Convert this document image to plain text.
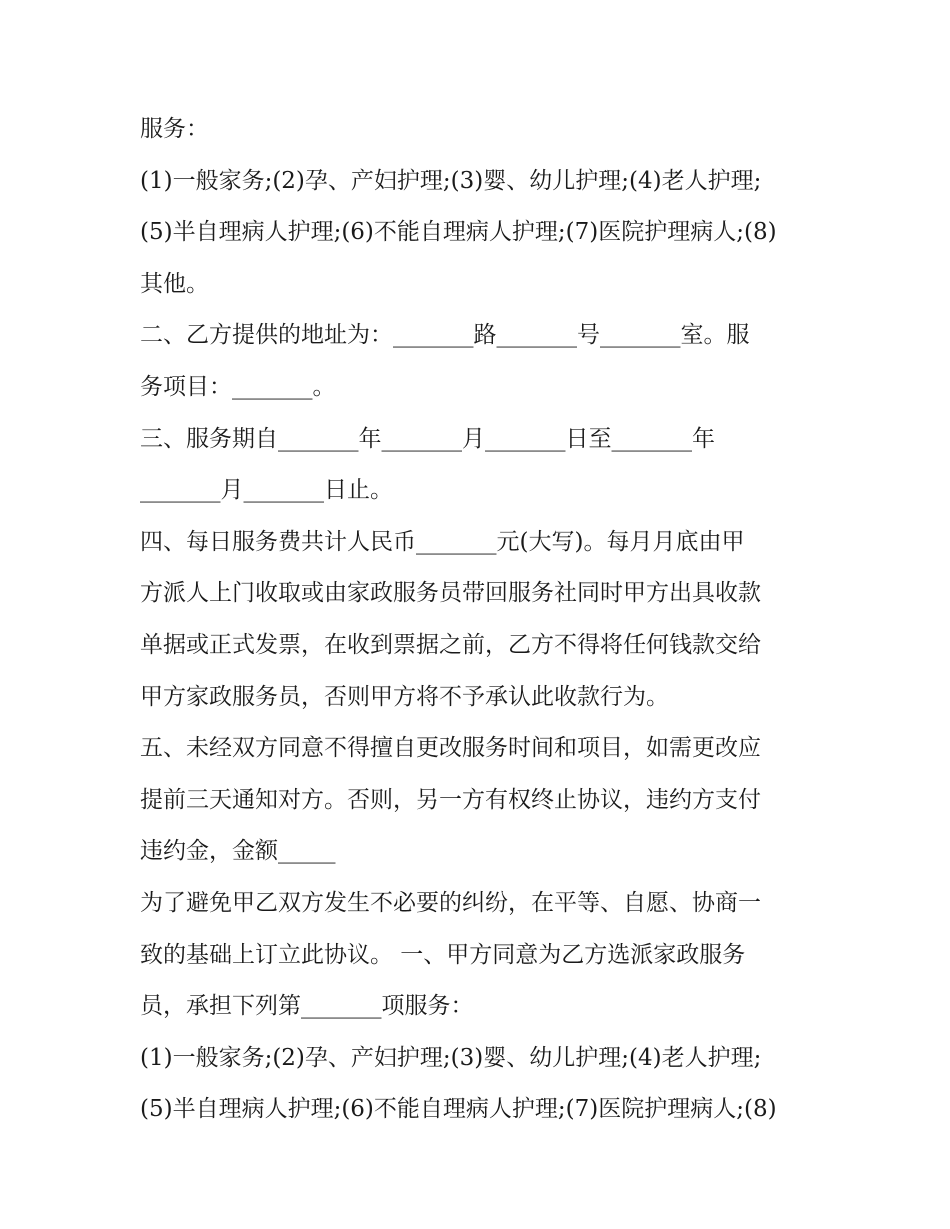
服务：
(1)一般家务;(2)孕、产妇护理;(3)婴、幼儿护理;(4)老人护理;
(5)半自理病人护理;(6)不能自理病人护理;(7)医院护理病人;(8)
其他。
二、乙方提供的地址为：_______路_______号_______室。服
务项目：_______。
三、服务期自_______年_______月_______日至_______年
_______月_______日止。
四、每日服务费共计人民币_______元(大写)。每月月底由甲
方派人上门收取或由家政服务员带回服务社同时甲方出具收款
单据或正式发票，在收到票据之前，乙方不得将任何钱款交给
甲方家政服务员，否则甲方将不予承认此收款行为。
五、未经双方同意不得擅自更改服务时间和项目，如需更改应
提前三天通知对方。否则，另一方有权终止协议，违约方支付
违约金，金额_____
为了避免甲乙双方发生不必要的纠纷，在平等、自愿、协商一
致的基础上订立此协议。 一、甲方同意为乙方选派家政服务
员，承担下列第_______项服务：
(1)一般家务;(2)孕、产妇护理;(3)婴、幼儿护理;(4)老人护理;
(5)半自理病人护理;(6)不能自理病人护理;(7)医院护理病人;(8)
